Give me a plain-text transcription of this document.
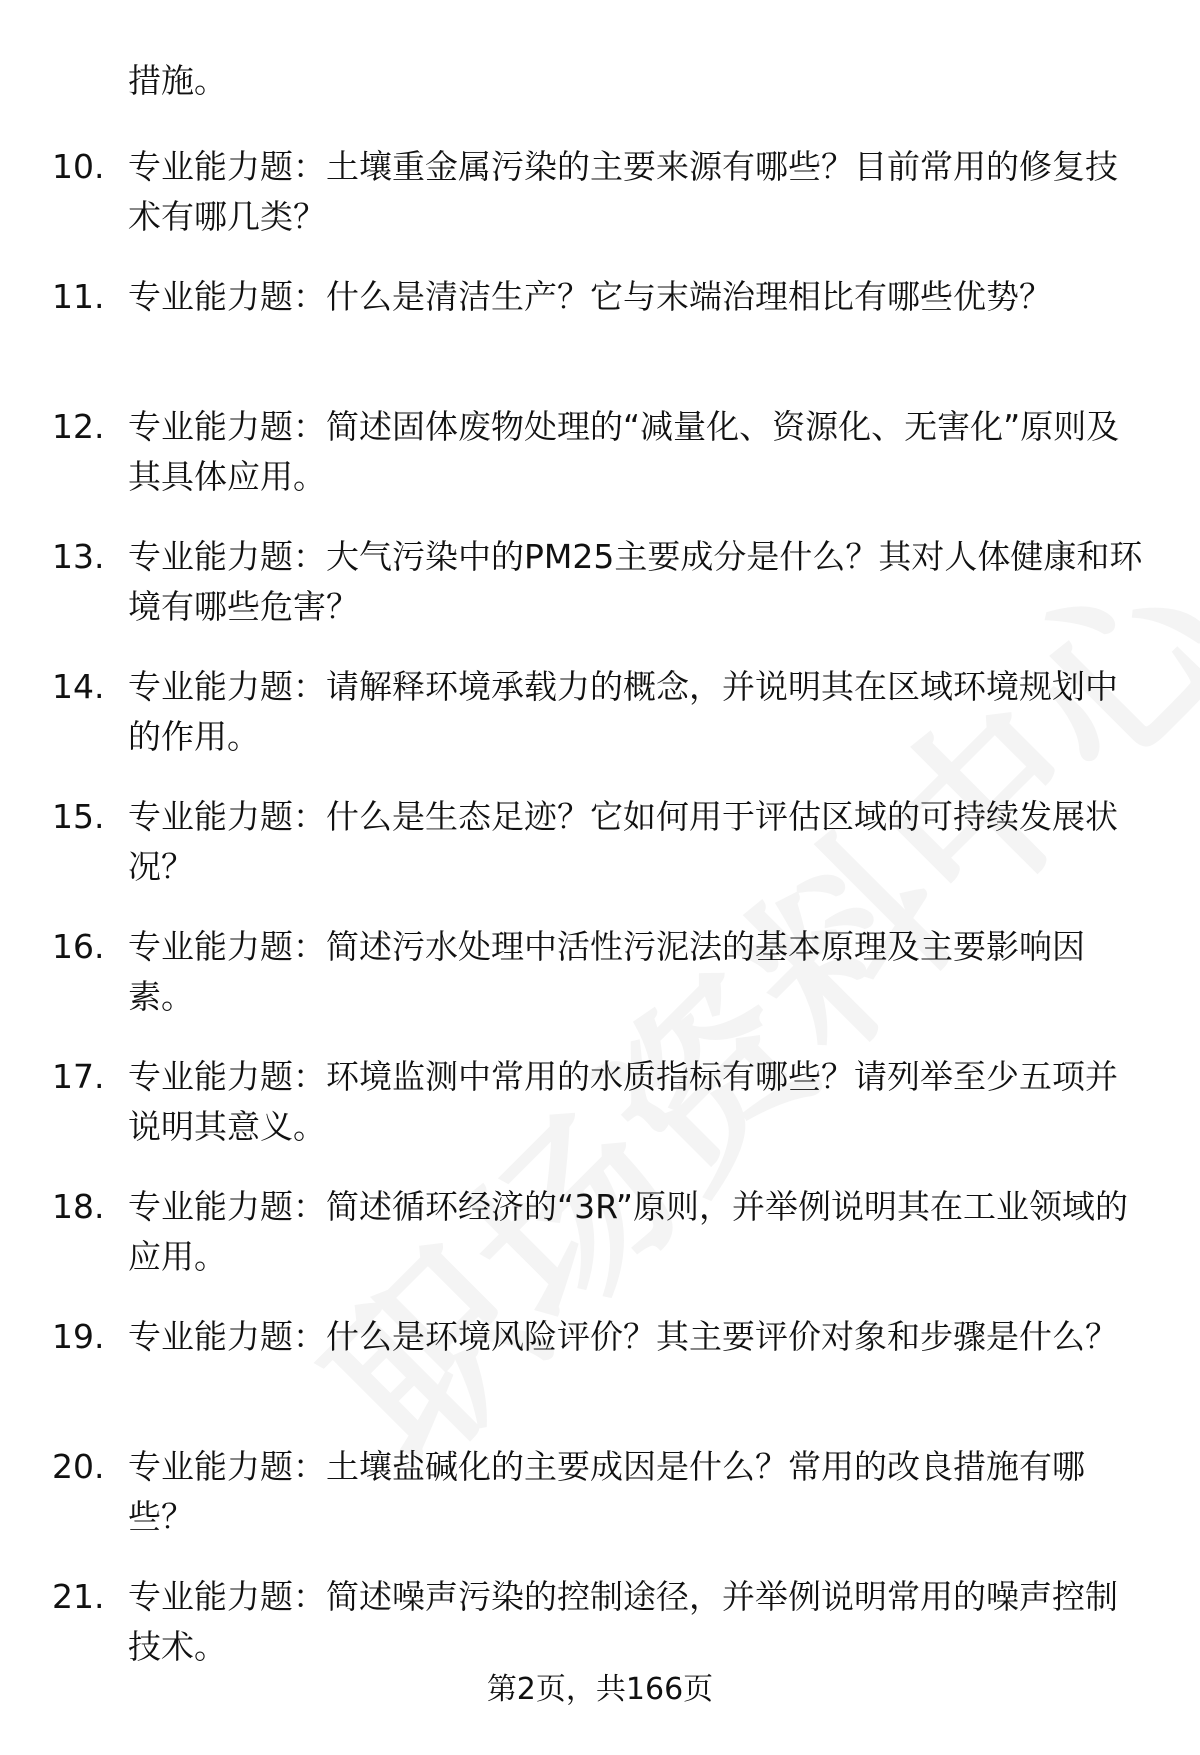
措施。
10. 专业能力题：土壤重金属污染的主要来源有哪些？目前常用的修复技术有哪几类？
11. 专业能力题：什么是清洁生产？它与末端治理相比有哪些优势？
12. 专业能力题：简述固体废物处理的“减量化、资源化、无害化”原则及其具体应用。
13. 专业能力题：大气污染中的PM25主要成分是什么？其对人体健康和环境有哪些危害？
14. 专业能力题：请解释环境承载力的概念，并说明其在区域环境规划中的作用。
15. 专业能力题：什么是生态足迹？它如何用于评估区域的可持续发展状况？
16. 专业能力题：简述污水处理中活性污泥法的基本原理及主要影响因素。
17. 专业能力题：环境监测中常用的水质指标有哪些？请列举至少五项并说明其意义。
18. 专业能力题：简述循环经济的“3R”原则，并举例说明其在工业领域的应用。
19. 专业能力题：什么是环境风险评价？其主要评价对象和步骤是什么？
20. 专业能力题：土壤盐碱化的主要成因是什么？常用的改良措施有哪些？
21. 专业能力题：简述噪声污染的控制途径，并举例说明常用的噪声控制技术。
第2页，共166页
